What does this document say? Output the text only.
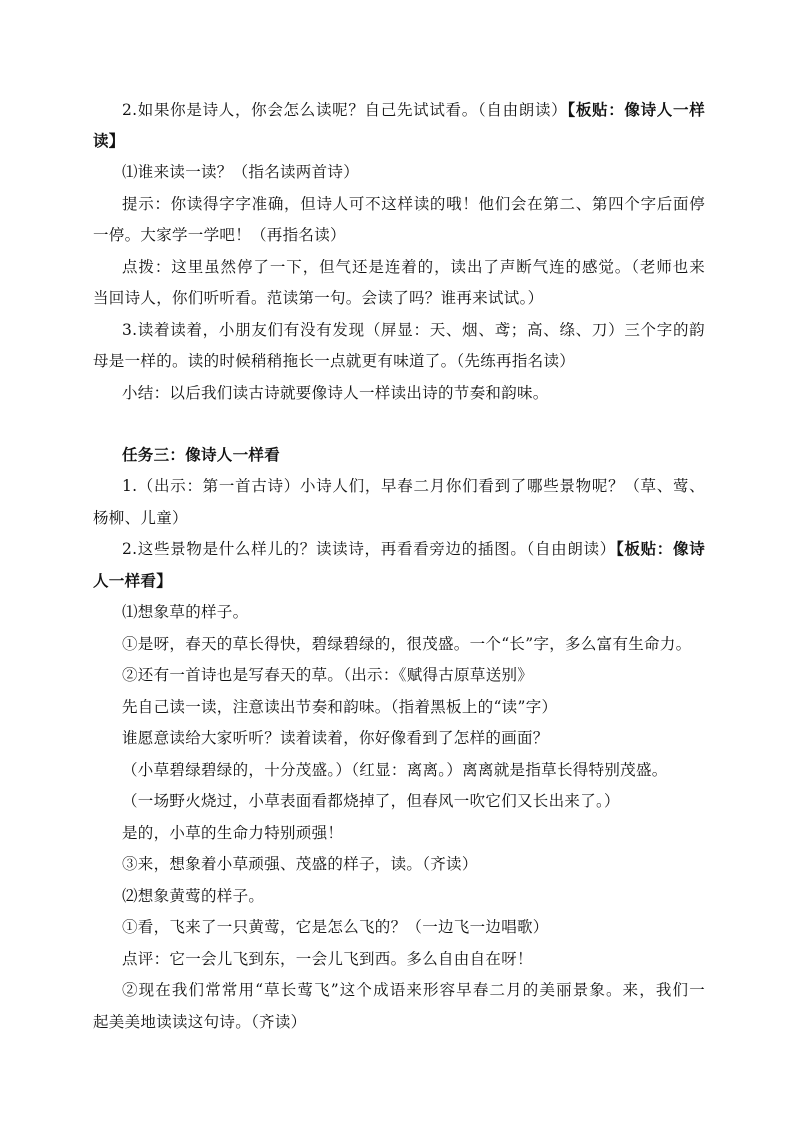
2.如果你是诗人，你会怎么读呢？自己先试试看。（自由朗读）【板贴：像诗人一样
读】
⑴谁来读一读？（指名读两首诗）
提示：你读得字字准确，但诗人可不这样读的哦！他们会在第二、第四个字后面停
一停。大家学一学吧！（再指名读）
点拨：这里虽然停了一下，但气还是连着的，读出了声断气连的感觉。（老师也来
当回诗人，你们听听看。范读第一句。会读了吗？谁再来试试。）
3.读着读着，小朋友们有没有发现（屏显：天、烟、鸢；高、绦、刀）三个字的韵
母是一样的。读的时候稍稍拖长一点就更有味道了。（先练再指名读）
小结：以后我们读古诗就要像诗人一样读出诗的节奏和韵味。
任务三：像诗人一样看
1.（出示：第一首古诗）小诗人们，早春二月你们看到了哪些景物呢？（草、莺、
杨柳、儿童）
2.这些景物是什么样儿的？读读诗，再看看旁边的插图。（自由朗读）【板贴：像诗
人一样看】
⑴想象草的样子。
①是呀，春天的草长得快，碧绿碧绿的，很茂盛。一个“长”字，多么富有生命力。
②还有一首诗也是写春天的草。（出示：《赋得古原草送别》
先自己读一读，注意读出节奏和韵味。（指着黑板上的“读”字）
谁愿意读给大家听听？读着读着，你好像看到了怎样的画面？
（小草碧绿碧绿的，十分茂盛。）（红显：离离。）离离就是指草长得特别茂盛。
（一场野火烧过，小草表面看都烧掉了，但春风一吹它们又长出来了。）
是的，小草的生命力特别顽强！
③来，想象着小草顽强、茂盛的样子，读。（齐读）
⑵想象黄莺的样子。
①看，飞来了一只黄莺，它是怎么飞的？（一边飞一边唱歌）
点评：它一会儿飞到东，一会儿飞到西。多么自由自在呀！
②现在我们常常用“草长莺飞”这个成语来形容早春二月的美丽景象。来，我们一
起美美地读读这句诗。（齐读）
